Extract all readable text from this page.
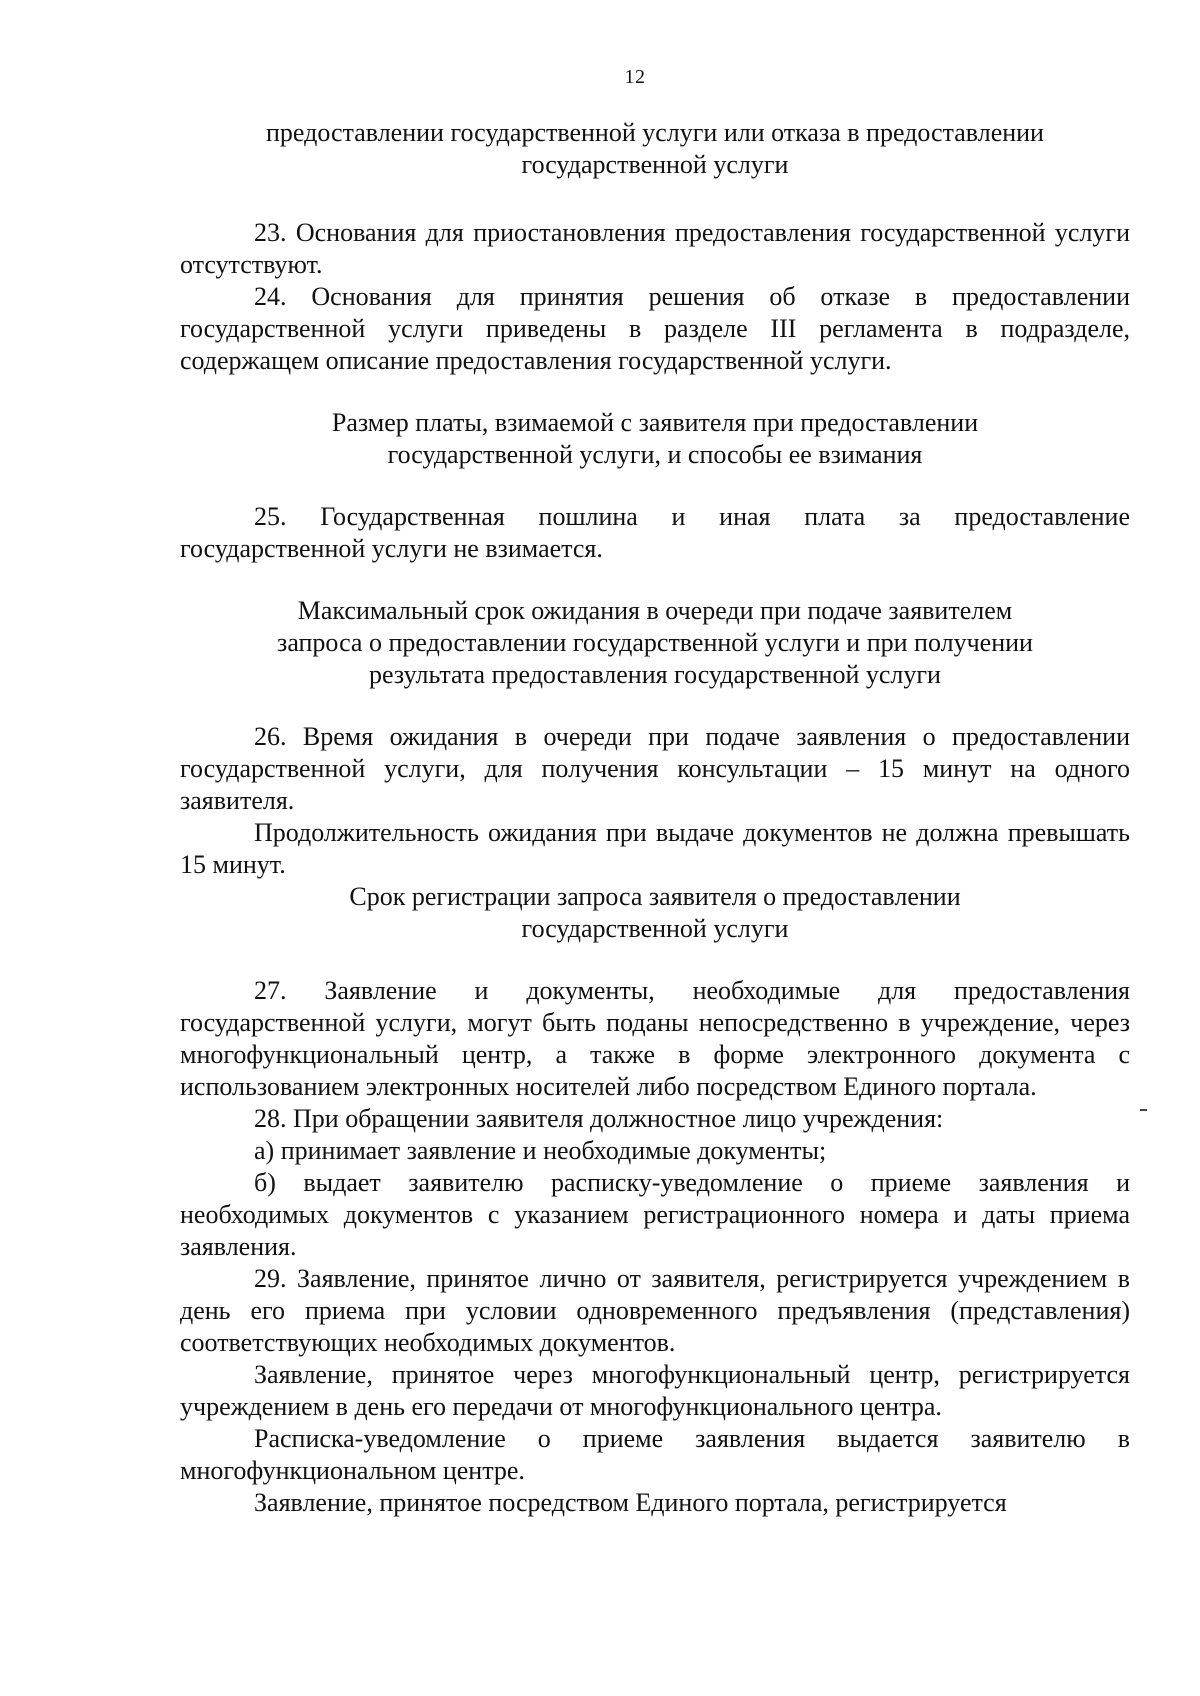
12
предоставлении государственной услуги или отказа в предоставлении
государственной услуги

23. Основания для приостановления предоставления государственной услуги отсутствуют.

24. Основания для принятия решения об отказе в предоставлении государственной услуги приведены в разделе III регламента в подразделе, содержащем описание предоставления государственной услуги.

Размер платы, взимаемой с заявителя при предоставлении
государственной услуги, и способы ее взимания

25. Государственная пошлина и иная плата за предоставление государственной услуги не взимается.

Максимальный срок ожидания в очереди при подаче заявителем
запроса о предоставлении государственной услуги и при получении
результата предоставления государственной услуги

26. Время ожидания в очереди при подаче заявления о предоставлении государственной услуги, для получения консультации – 15 минут на одного заявителя.

Продолжительность ожидания при выдаче документов не должна превышать 15 минут.

Срок регистрации запроса заявителя о предоставлении
государственной услуги

27. Заявление и документы, необходимые для предоставления государственной услуги, могут быть поданы непосредственно в учреждение, через многофункциональный центр, а также в форме электронного документа с использованием электронных носителей либо посредством Единого портала.

28. При обращении заявителя должностное лицо учреждения:

а) принимает заявление и необходимые документы;

б) выдает заявителю расписку-уведомление о приеме заявления и необходимых документов с указанием регистрационного номера и даты приема заявления.

29. Заявление, принятое лично от заявителя, регистрируется учреждением в день его приема при условии одновременного предъявления (представления) соответствующих необходимых документов.

Заявление, принятое через многофункциональный центр, регистрируется учреждением в день его передачи от многофункционального центра.

Расписка-уведомление о приеме заявления выдается заявителю в многофункциональном центре.

Заявление, принятое посредством Единого портала, регистрируется
